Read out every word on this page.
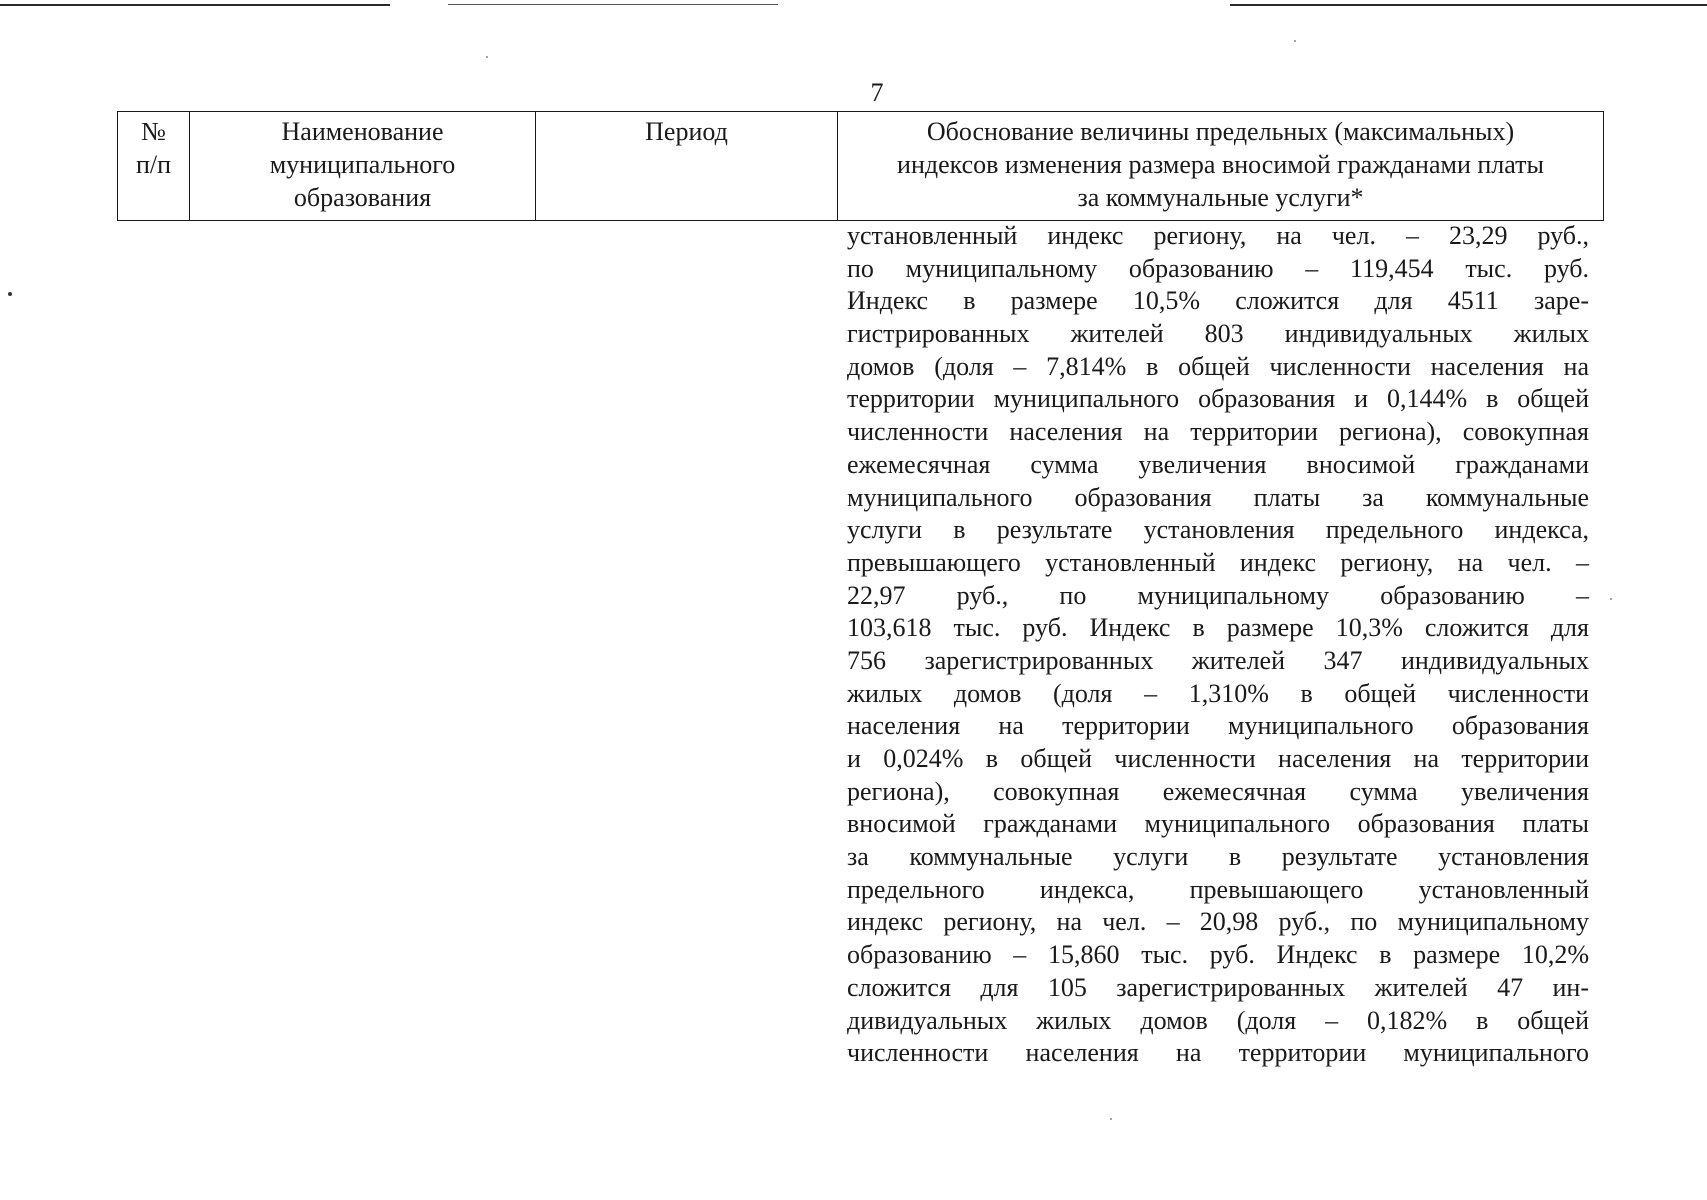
7
№
п/п
Наименование
муниципального
образования
Период	Обоснование величины предельных (максимальных)
индексов изменения размера вносимой гражданами платы
за коммунальные услуги*
установленный индекс региону, на чел. – 23,29 руб.,
по муниципальному образованию – 119,454 тыс. руб.
Индекс в размере 10,5% сложится для 4511 заре-
гистрированных жителей 803 индивидуальных жилых
домов (доля – 7,814% в общей численности населения на
территории муниципального образования и 0,144% в общей
численности населения на территории региона), совокупная
ежемесячная сумма увеличения вносимой гражданами
муниципального образования платы за коммунальные
услуги в результате установления предельного индекса,
превышающего установленный индекс региону, на чел. –
22,97 руб., по муниципальному образованию –
103,618 тыс. руб. Индекс в размере 10,3% сложится для
756 зарегистрированных жителей 347 индивидуальных
жилых домов (доля – 1,310% в общей численности
населения на территории муниципального образования
и 0,024% в общей численности населения на территории
региона), совокупная ежемесячная сумма увеличения
вносимой гражданами муниципального образования платы
за коммунальные услуги в результате установления
предельного индекса, превышающего установленный
индекс региону, на чел. – 20,98 руб., по муниципальному
образованию – 15,860 тыс. руб. Индекс в размере 10,2%
сложится для 105 зарегистрированных жителей 47 ин-
дивидуальных жилых домов (доля – 0,182% в общей
численности населения на территории муниципального
